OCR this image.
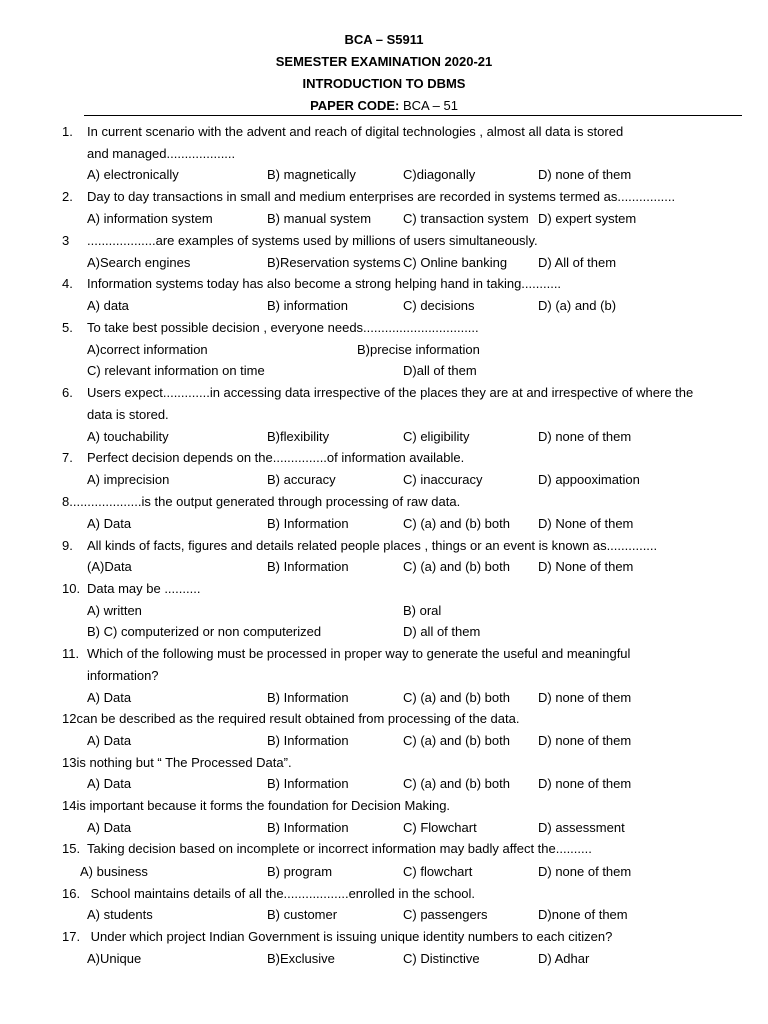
BCA – S5911
SEMESTER EXAMINATION 2020-21
INTRODUCTION TO DBMS
PAPER CODE: BCA – 51
1. In current scenario with the advent and reach of digital technologies , almost all data is stored
and managed...................
A) electronically	B) magnetically	C)diagonally	D) none of them
2. Day to day transactions in small and medium enterprises are recorded in systems termed as................
A) information system	B) manual system C) transaction system D) expert system
3 ...................are examples of systems used by millions of users simultaneously.
A)Search engines	B)Reservation systems C) Online banking D) All of them
4. Information systems today has also become a strong helping hand in taking...........
A) data	B) information	C) decisions	D) (a) and (b)
5. To take best possible decision , everyone needs................................
A)correct information	B)precise information
C) relevant information on time	D)all of them
6. Users expect.............in accessing data irrespective of the places they are at and irrespective of where the
data is stored.
A) touchability	B)flexibility	C) eligibility	D) none of them
7. Perfect decision depends on the...............of information available.
A) imprecision	B) accuracy	C) inaccuracy	D) appooximation
8....................is the output generated through processing of raw data.
A) Data	B) Information	C) (a) and (b) both D) None of them
9. All kinds of facts, figures and details related people places , things or an event is known as..............
(A)Data	B) Information	C) (a) and (b) both D) None of them
10. Data may be ..........
A) written	B) oral
B) C) computerized or non computerized	D) all of them
11. Which of the following must be processed in proper way to generate the useful and meaningful
information?
A) Data	B) Information	C) (a) and (b) both D) none of them
12can be described as the required result obtained from processing of the data.
A) Data	B) Information	C) (a) and (b) both D) none of them
13is nothing but “ The Processed Data”.
A) Data	B) Information	C) (a) and (b) both D) none of them
14is important because it forms the foundation for Decision Making.
A) Data	B) Information	C) Flowchart	D) assessment
15. Taking decision based on incomplete or incorrect information may badly affect the..........
A) business	B) program	C) flowchart	D) none of them
16. School maintains details of all the..................enrolled in the school.
A) students	B) customer	C) passengers	D)none of them
17. Under which project Indian Government is issuing unique identity numbers to each citizen?
A)Unique	B)Exclusive	C) Distinctive	D) Adhar
